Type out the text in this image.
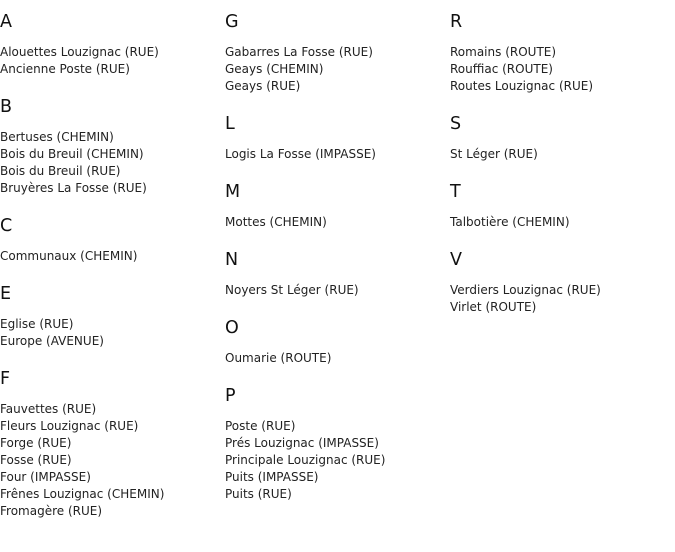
A
Alouettes Louzignac (RUE)
Ancienne Poste (RUE)
B
Bertuses (CHEMIN)
Bois du Breuil (CHEMIN)
Bois du Breuil (RUE)
Bruyères La Fosse (RUE)
C
Communaux (CHEMIN)
E
Eglise (RUE)
Europe (AVENUE)
F
Fauvettes (RUE)
Fleurs Louzignac (RUE)
Forge (RUE)
Fosse (RUE)
Four (IMPASSE)
Frênes Louzignac (CHEMIN)
Fromagère (RUE)
G
Gabarres La Fosse (RUE)
Geays (CHEMIN)
Geays (RUE)
L
Logis La Fosse (IMPASSE)
M
Mottes (CHEMIN)
N
Noyers St Léger (RUE)
O
Oumarie (ROUTE)
P
Poste (RUE)
Prés Louzignac (IMPASSE)
Principale Louzignac (RUE)
Puits (IMPASSE)
Puits (RUE)
R
Romains (ROUTE)
Rouffiac (ROUTE)
Routes Louzignac (RUE)
S
St Léger (RUE)
T
Talbotière (CHEMIN)
V
Verdiers Louzignac (RUE)
Virlet (ROUTE)
